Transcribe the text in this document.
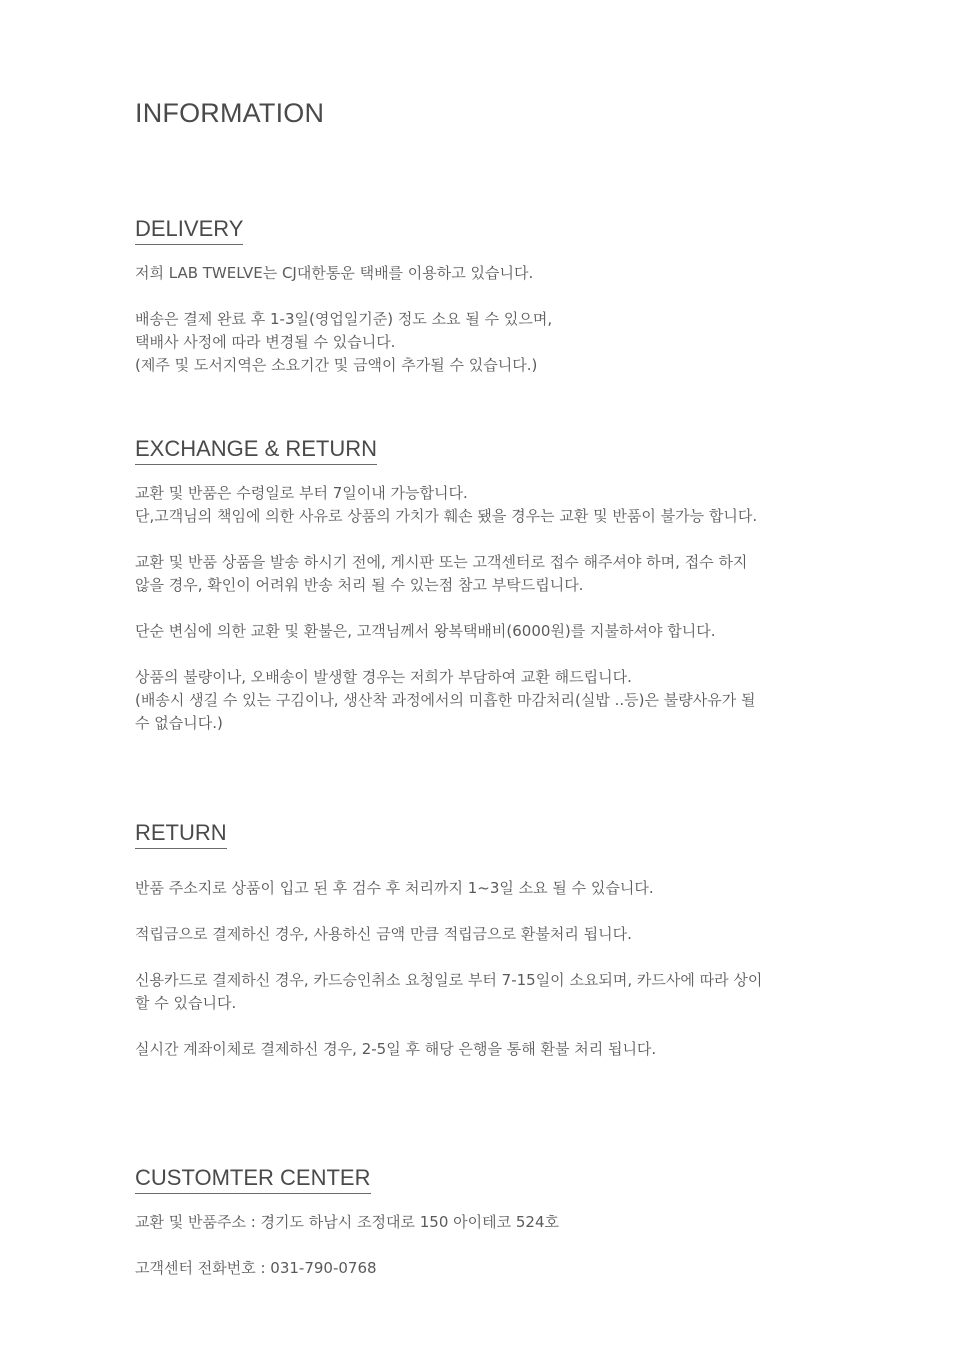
INFORMATION
DELIVERY

저희 LAB TWELVE는 CJ대한통운 택배를 이용하고 있습니다.

배송은 결제 완료 후 1-3일(영업일기준) 정도 소요 될 수 있으며,
택배사 사정에 따라 변경될 수 있습니다.
(제주 및 도서지역은 소요기간 및 금액이 추가될 수 있습니다.)

EXCHANGE & RETURN

교환 및 반품은 수령일로 부터 7일이내 가능합니다.
단,고객님의 책임에 의한 사유로 상품의 가치가 훼손 됐을 경우는 교환 및 반품이 불가능 합니다.

교환 및 반품 상품을 발송 하시기 전에, 게시판 또는 고객센터로 접수 해주셔야 하며, 접수 하지
않을 경우, 확인이 어려워 반송 처리 될 수 있는점 참고 부탁드립니다.

단순 변심에 의한 교환 및 환불은, 고객님께서 왕복택배비(6000원)를 지불하셔야 합니다.

상품의 불량이나, 오배송이 발생할 경우는 저희가 부담하여 교환 해드립니다.
(배송시 생길 수 있는 구김이나, 생산착 과정에서의 미흡한 마감처리(실밥 ..등)은 불량사유가 될
수 없습니다.)

RETURN

반품 주소지로 상품이 입고 된 후 검수 후 처리까지 1~3일 소요 될 수 있습니다.

적립금으로 결제하신 경우, 사용하신 금액 만큼 적립금으로 환불처리 됩니다.

신용카드로 결제하신 경우, 카드승인취소 요청일로 부터 7-15일이 소요되며, 카드사에 따라 상이
할 수 있습니다.

실시간 계좌이체로 결제하신 경우, 2-5일 후 해당 은행을 통해 환불 처리 됩니다.

CUSTOMTER CENTER

교환 및 반품주소 : 경기도 하남시 조정대로 150 아이테코 524호

고객센터 전화번호 : 031-790-0768
